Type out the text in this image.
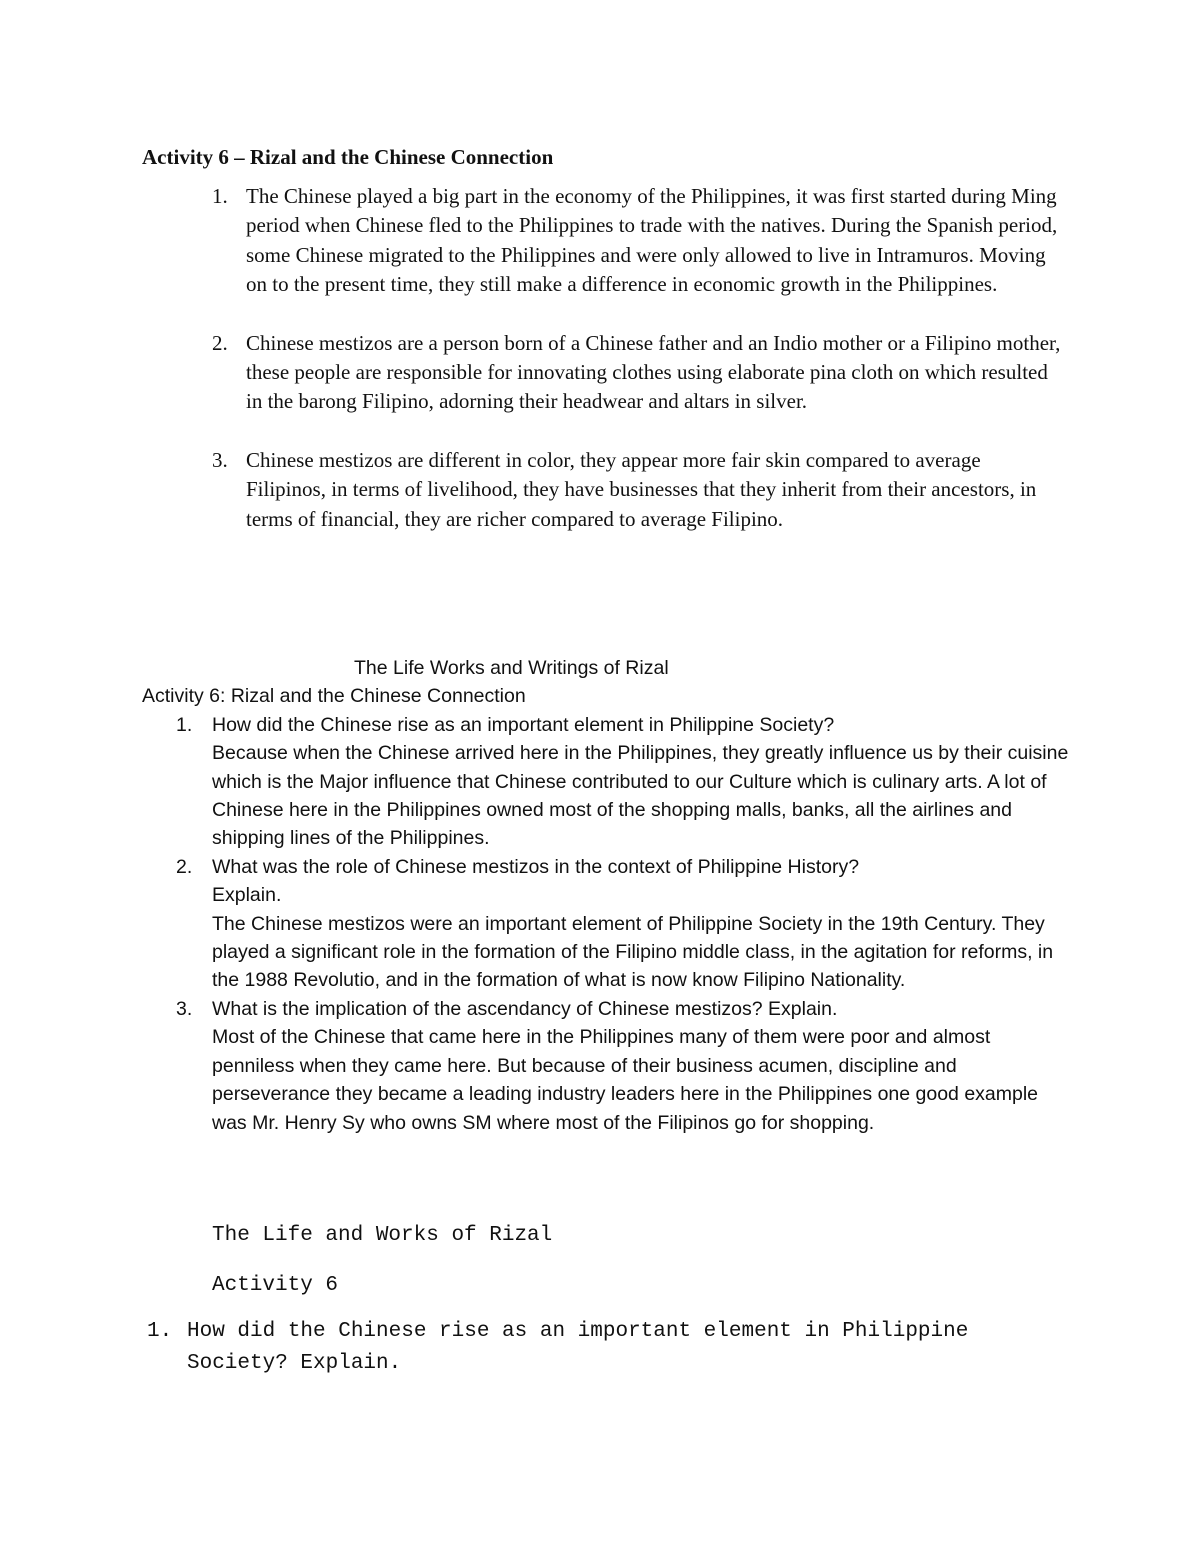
Activity 6 – Rizal and the Chinese Connection
1. The Chinese played a big part in the economy of the Philippines, it was first started during Ming period when Chinese fled to the Philippines to trade with the natives. During the Spanish period, some Chinese migrated to the Philippines and were only allowed to live in Intramuros. Moving on to the present time, they still make a difference in economic growth in the Philippines.
2. Chinese mestizos are a person born of a Chinese father and an Indio mother or a Filipino mother, these people are responsible for innovating clothes using elaborate pina cloth on which resulted in the barong Filipino, adorning their headwear and altars in silver.
3. Chinese mestizos are different in color, they appear more fair skin compared to average Filipinos, in terms of livelihood, they have businesses that they inherit from their ancestors, in terms of financial, they are richer compared to average Filipino.
The Life Works and Writings of Rizal
Activity 6: Rizal and the Chinese Connection
1. How did the Chinese rise as an important element in Philippine Society?

Because when the Chinese arrived here in the Philippines, they greatly influence us by their cuisine which is the Major influence that Chinese contributed to our Culture which is culinary arts. A lot of Chinese here in the Philippines owned most of the shopping malls, banks, all the airlines and shipping lines of the Philippines.

2. What was the role of Chinese mestizos in the context of Philippine History?

Explain.

The Chinese mestizos were an important element of Philippine Society in the 19th Century. They played a significant role in the formation of the Filipino middle class, in the agitation for reforms, in the 1988 Revolutio, and in the formation of what is now know Filipino Nationality.

3. What is the implication of the ascendancy of Chinese mestizos? Explain.

Most of the Chinese that came here in the Philippines many of them were poor and almost penniless when they came here. But because of their business acumen, discipline and perseverance they became a leading industry leaders here in the Philippines one good example was Mr. Henry Sy who owns SM where most of the Filipinos go for shopping.

The Life and Works of Rizal
Activity 6
1. How did the Chinese rise as an important element in Philippine Society? Explain.
